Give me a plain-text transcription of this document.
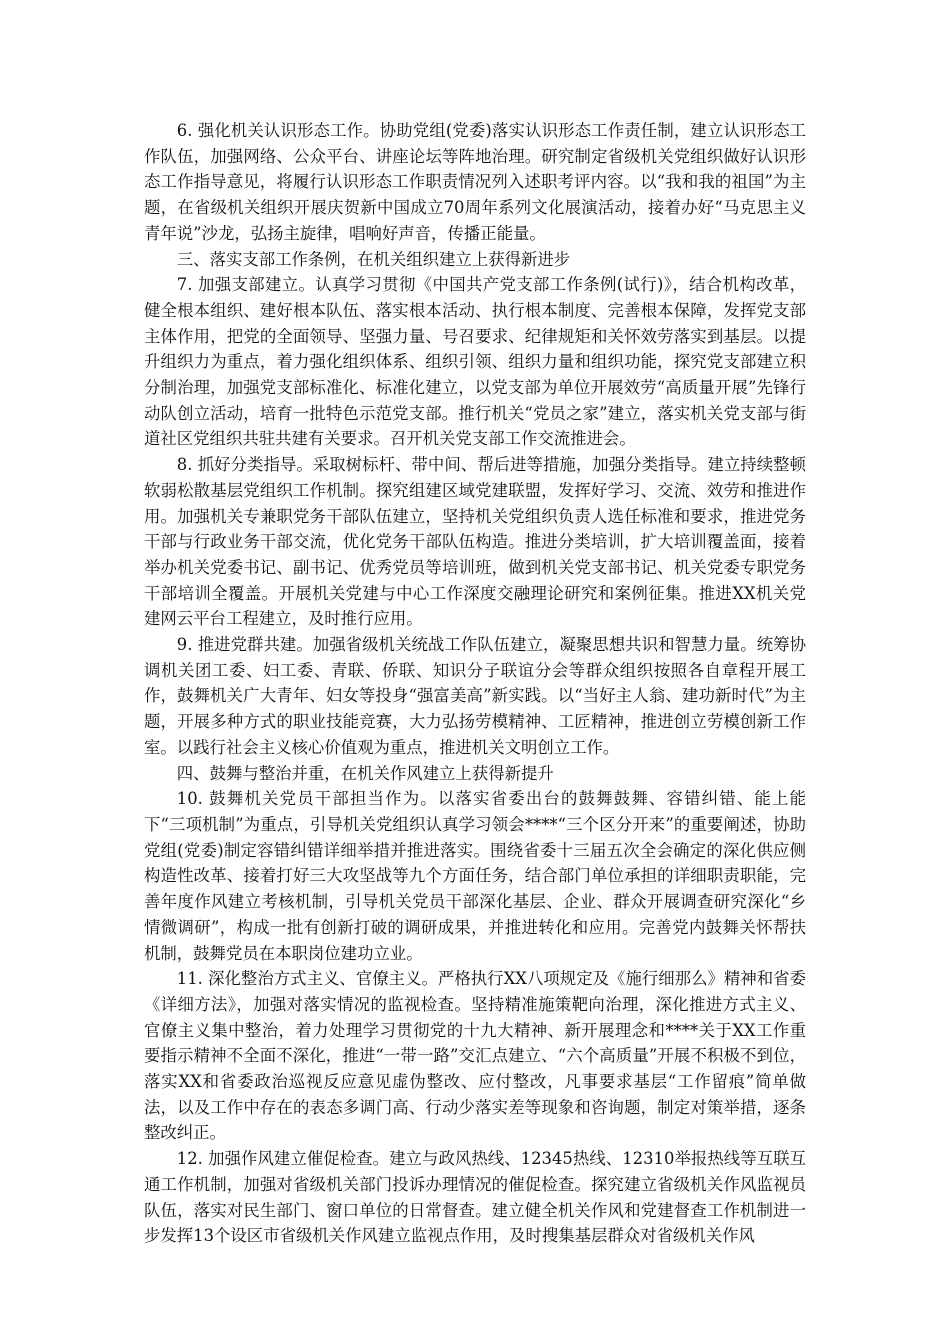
6. 强化机关认识形态工作。协助党组(党委)落实认识形态工作责任制，建立认识形态工作队伍，加强网络、公众平台、讲座论坛等阵地治理。研究制定省级机关党组织做好认识形态工作指导意见，将履行认识形态工作职责情况列入述职考评内容。以“我和我的祖国”为主题，在省级机关组织开展庆贺新中国成立70周年系列文化展演活动，接着办好“马克思主义青年说”沙龙，弘扬主旋律，唱响好声音，传播正能量。

三、落实支部工作条例，在机关组织建立上获得新进步

7. 加强支部建立。认真学习贯彻《中国共产党支部工作条例(试行)》，结合机构改革，健全根本组织、建好根本队伍、落实根本活动、执行根本制度、完善根本保障，发挥党支部主体作用，把党的全面领导、坚强力量、号召要求、纪律规矩和关怀效劳落实到基层。以提升组织力为重点，着力强化组织体系、组织引领、组织力量和组织功能，探究党支部建立积分制治理，加强党支部标准化、标准化建立，以党支部为单位开展效劳“高质量开展”先锋行动队创立活动，培育一批特色示范党支部。推行机关“党员之家”建立，落实机关党支部与街道社区党组织共驻共建有关要求。召开机关党支部工作交流推进会。

8. 抓好分类指导。采取树标杆、带中间、帮后进等措施，加强分类指导。建立持续整顿软弱松散基层党组织工作机制。探究组建区域党建联盟，发挥好学习、交流、效劳和推进作用。加强机关专兼职党务干部队伍建立，坚持机关党组织负责人选任标准和要求，推进党务干部与行政业务干部交流，优化党务干部队伍构造。推进分类培训，扩大培训覆盖面，接着举办机关党委书记、副书记、优秀党员等培训班，做到机关党支部书记、机关党委专职党务干部培训全覆盖。开展机关党建与中心工作深度交融理论研究和案例征集。推进XX机关党建网云平台工程建立，及时推行应用。

9. 推进党群共建。加强省级机关统战工作队伍建立，凝聚思想共识和智慧力量。统筹协调机关团工委、妇工委、青联、侨联、知识分子联谊分会等群众组织按照各自章程开展工作，鼓舞机关广大青年、妇女等投身“强富美高”新实践。以“当好主人翁、建功新时代”为主题，开展多种方式的职业技能竞赛，大力弘扬劳模精神、工匠精神，推进创立劳模创新工作室。以践行社会主义核心价值观为重点，推进机关文明创立工作。

四、鼓舞与整治并重，在机关作风建立上获得新提升

10. 鼓舞机关党员干部担当作为。以落实省委出台的鼓舞鼓舞、容错纠错、能上能下“三项机制”为重点，引导机关党组织认真学习领会****“三个区分开来”的重要阐述，协助党组(党委)制定容错纠错详细举措并推进落实。围绕省委十三届五次全会确定的深化供应侧构造性改革、接着打好三大攻坚战等九个方面任务，结合部门单位承担的详细职责职能，完善年度作风建立考核机制，引导机关党员干部深化基层、企业、群众开展调查研究深化“乡情微调研”，构成一批有创新打破的调研成果，并推进转化和应用。完善党内鼓舞关怀帮扶机制，鼓舞党员在本职岗位建功立业。

11. 深化整治方式主义、官僚主义。严格执行XX八项规定及《施行细那么》精神和省委《详细方法》，加强对落实情况的监视检查。坚持精准施策靶向治理，深化推进方式主义、官僚主义集中整治，着力处理学习贯彻党的十九大精神、新开展理念和****关于XX工作重要指示精神不全面不深化，推进“一带一路”交汇点建立、“六个高质量”开展不积极不到位，落实XX和省委政治巡视反应意见虚伪整改、应付整改，凡事要求基层“工作留痕”简单做法，以及工作中存在的表态多调门高、行动少落实差等现象和咨询题，制定对策举措，逐条整改纠正。

12. 加强作风建立催促检查。建立与政风热线、12345热线、12310举报热线等互联互通工作机制，加强对省级机关部门投诉办理情况的催促检查。探究建立省级机关作风监视员队伍，落实对民生部门、窗口单位的日常督查。建立健全机关作风和党建督查工作机制进一步发挥13个设区市省级机关作风建立监视点作用，及时搜集基层群众对省级机关作风
